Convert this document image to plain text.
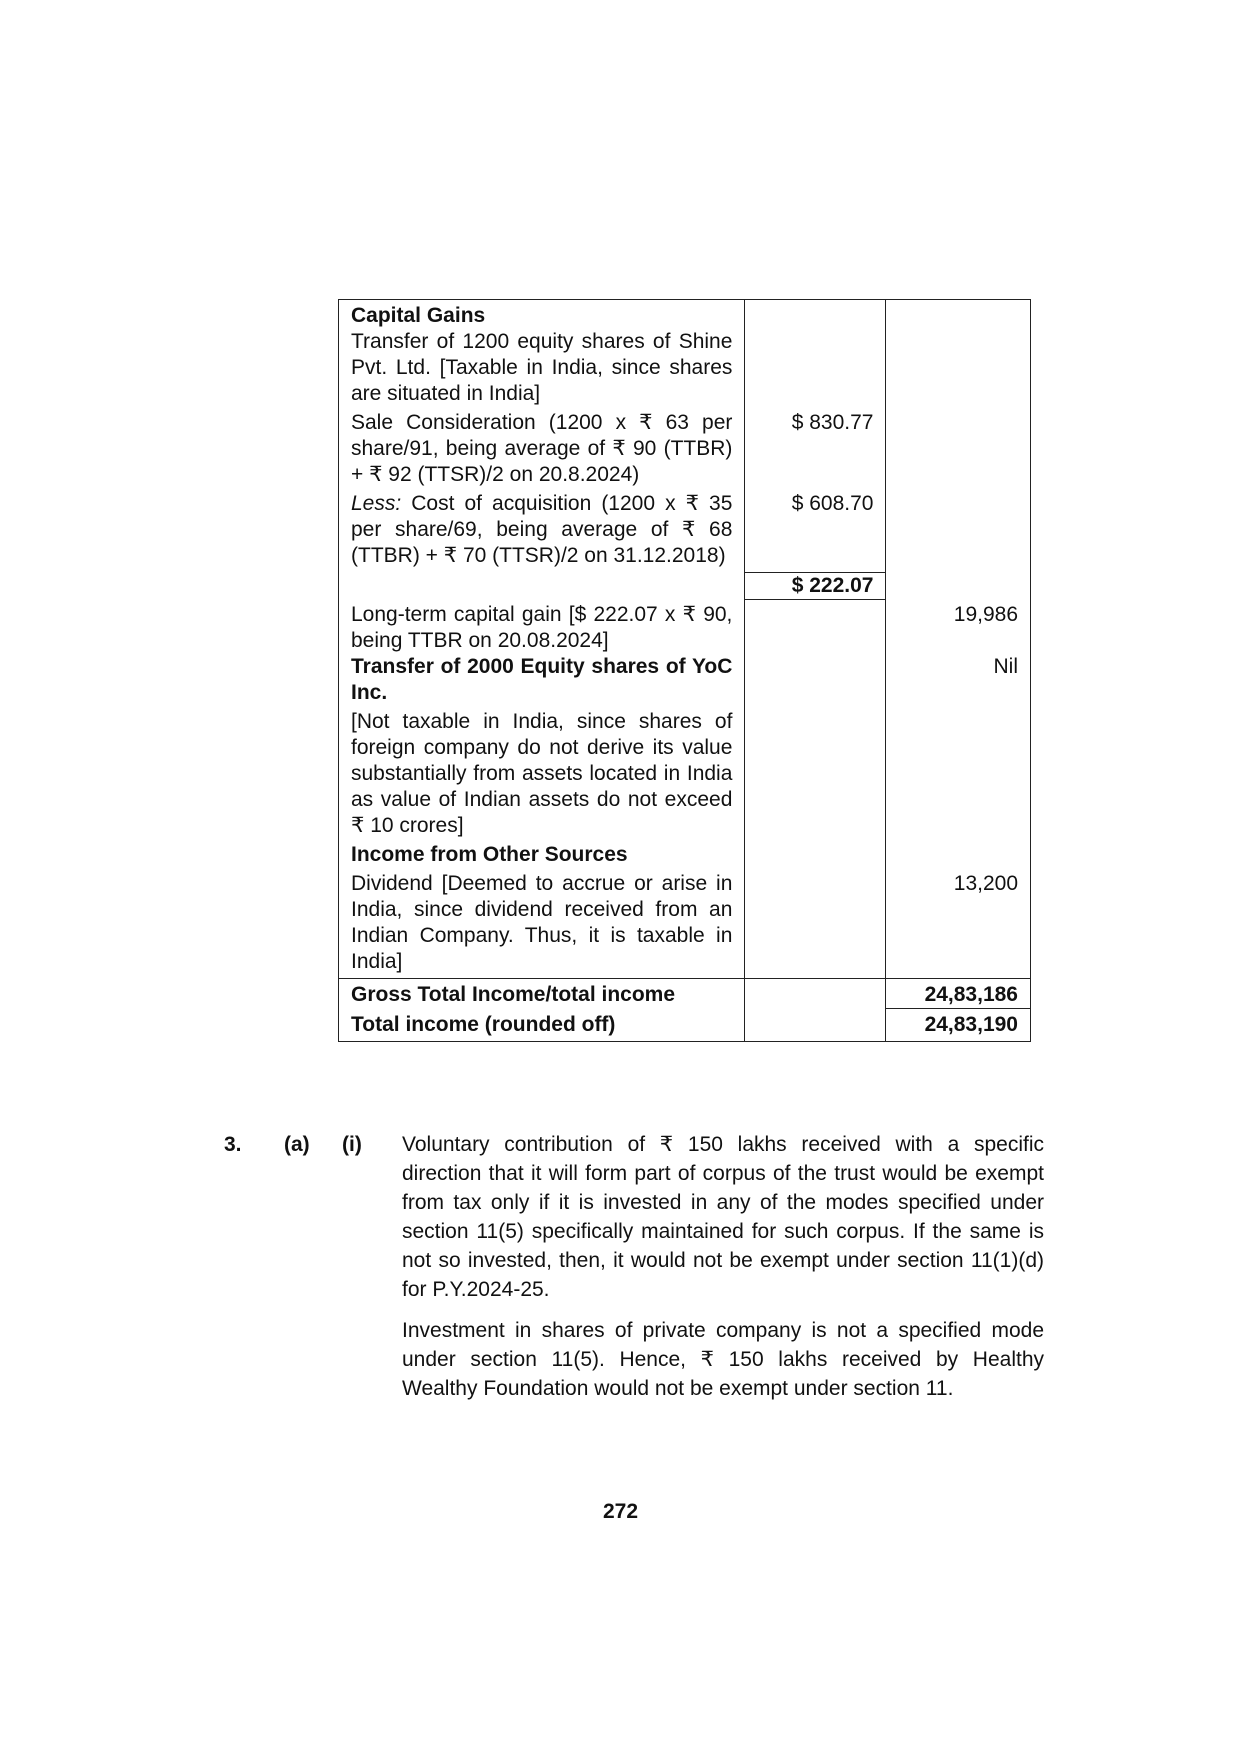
Capital Gains		
Transfer of 1200 equity shares of Shine Pvt. Ltd. [Taxable in India, since shares are situated in India]		
Sale Consideration (1200 x ₹ 63 per share/91, being average of ₹ 90 (TTBR) + ₹ 92 (TTSR)/2 on 20.8.2024)	$ 830.77	
Less: Cost of acquisition (1200 x ₹ 35 per share/69, being average of ₹ 68 (TTBR) + ₹ 70 (TTSR)/2 on 31.12.2018)	$ 608.70	
	$ 222.07	
Long-term capital gain [$ 222.07 x ₹ 90, being TTBR on 20.08.2024]		19,986
Transfer of 2000 Equity shares of YoC Inc.		Nil
[Not taxable in India, since shares of foreign company do not derive its value substantially from assets located in India as value of Indian assets do not exceed ₹ 10 crores]		
Income from Other Sources		
Dividend [Deemed to accrue or arise in India, since dividend received from an Indian Company. Thus, it is taxable in India]		13,200
Gross Total Income/total income		24,83,186
Total income (rounded off)		24,83,190
3. (a) (i) Voluntary contribution of ₹ 150 lakhs received with a specific direction that it will form part of corpus of the trust would be exempt from tax only if it is invested in any of the modes specified under section 11(5) specifically maintained for such corpus. If the same is not so invested, then, it would not be exempt under section 11(1)(d) for P.Y.2024-25.

Investment in shares of private company is not a specified mode under section 11(5). Hence, ₹ 150 lakhs received by Healthy Wealthy Foundation would not be exempt under section 11.

272
